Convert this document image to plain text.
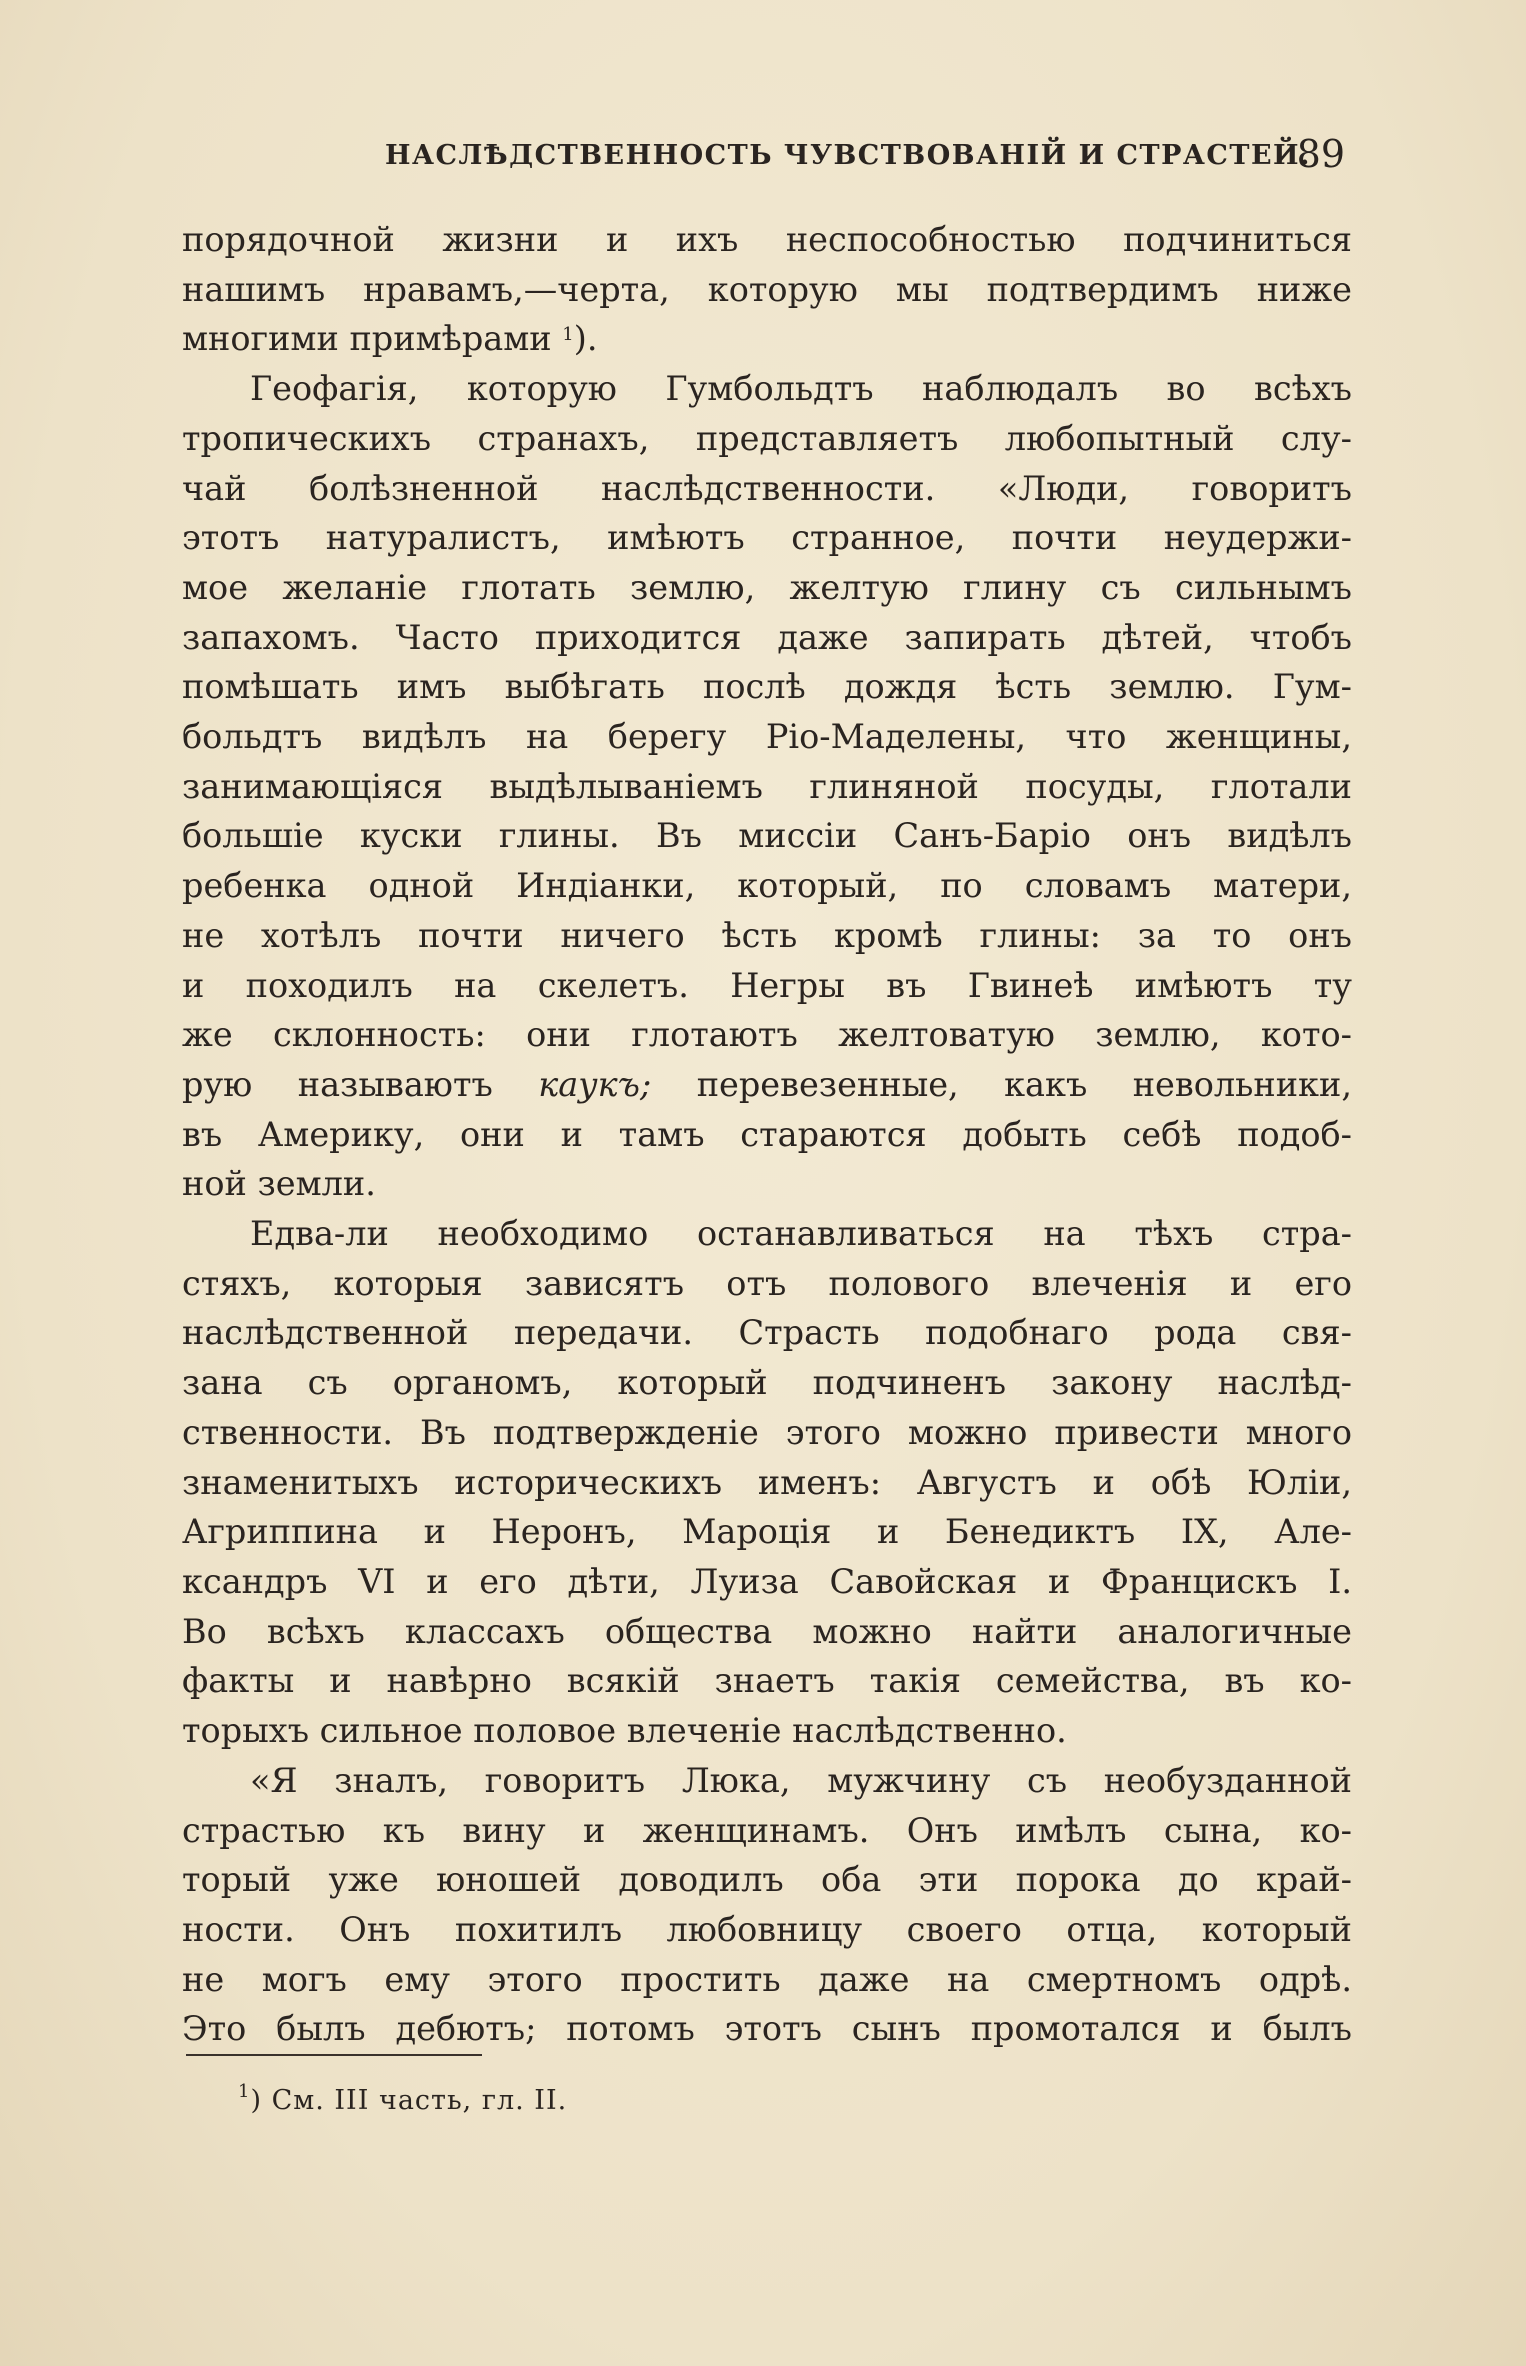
НАСЛѢДСТВЕННОСТЬ ЧУВСТВОВАНІЙ И СТРАСТЕЙ.
89

порядочной жизни и ихъ неспособностью подчиниться
нашимъ нравамъ,—черта, которую мы подтвердимъ ниже
многими примѣрами $^1$).

Геофагія, которую Гумбольдтъ наблюдалъ во всѣхъ
тропическихъ странахъ, представляетъ любопытный слу-
чай болѣзненной наслѣдственности. «Люди, говоритъ
этотъ натуралистъ, имѣютъ странное, почти неудержи-
мое желаніе глотать землю, желтую глину съ сильнымъ
запахомъ. Часто приходится даже запирать дѣтей, чтобъ
помѣшать имъ выбѣгать послѣ дождя ѣсть землю. Гум-
больдтъ видѣлъ на берегу Ріо-Маделены, что женщины,
занимающіяся выдѣлываніемъ глиняной посуды, глотали
большіе куски глины. Въ миссіи Санъ-Баріо онъ видѣлъ
ребенка одной Индіанки, который, по словамъ матери,
не хотѣлъ почти ничего ѣсть кромѣ глины: за то онъ
и походилъ на скелетъ. Негры въ Гвинеѣ имѣютъ ту
же склонность: они глотаютъ желтоватую землю, кото-
рую называютъ каукъ; перевезенные, какъ невольники,
въ Америку, они и тамъ стараются добыть себѣ подоб-
ной земли.

Едва-ли необходимо останавливаться на тѣхъ стра-
стяхъ, которыя зависятъ отъ полового влеченія и его
наслѣдственной передачи. Страсть подобнаго рода свя-
зана съ органомъ, который подчиненъ закону наслѣд-
ственности. Въ подтвержденіе этого можно привести много
знаменитыхъ историческихъ именъ: Августъ и обѣ Юліи,
Агриппина и Неронъ, Мароція и Бенедиктъ IX, Але-
ксандръ VI и его дѣти, Луиза Савойская и Францискъ I.
Во всѣхъ классахъ общества можно найти аналогичные
факты и навѣрно всякій знаетъ такія семейства, въ ко-
торыхъ сильное половое влеченіе наслѣдственно.

«Я зналъ, говоритъ Люка, мужчину съ необузданной
страстью къ вину и женщинамъ. Онъ имѣлъ сына, ко-
торый уже юношей доводилъ оба эти порока до край-
ности. Онъ похитилъ любовницу своего отца, который
не могъ ему этого простить даже на смертномъ одрѣ.
Это былъ дебютъ; потомъ этотъ сынъ промотался и былъ

$^1$) См. III часть, гл. II.
